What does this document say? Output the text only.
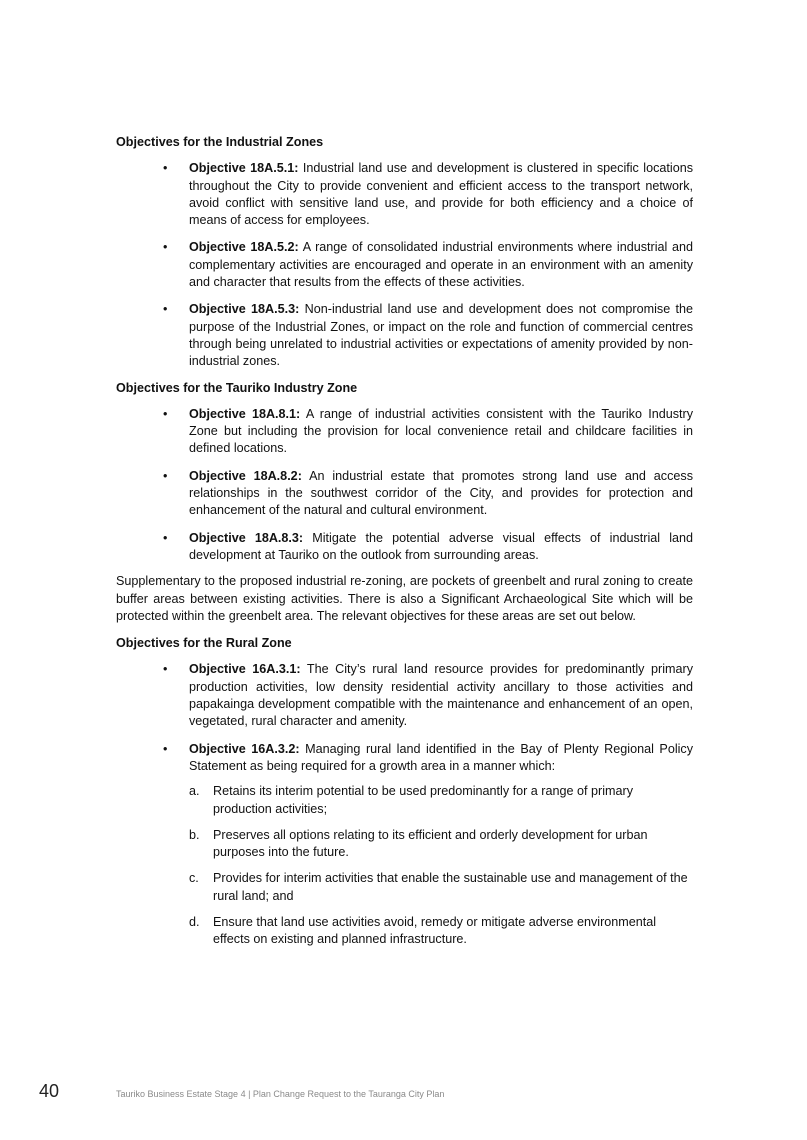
Objectives for the Industrial Zones
• Objective 18A.5.1: Industrial land use and development is clustered in specific locations throughout the City to provide convenient and efficient access to the transport network, avoid conflict with sensitive land use, and provide for both efficiency and a choice of means of access for employees.
• Objective 18A.5.2: A range of consolidated industrial environments where industrial and complementary activities are encouraged and operate in an environment with an amenity and character that results from the effects of these activities.
• Objective 18A.5.3: Non-industrial land use and development does not compromise the purpose of the Industrial Zones, or impact on the role and function of commercial centres through being unrelated to industrial activities or expectations of amenity provided by non-industrial zones.
Objectives for the Tauriko Industry Zone
• Objective 18A.8.1: A range of industrial activities consistent with the Tauriko Industry Zone but including the provision for local convenience retail and childcare facilities in defined locations.
• Objective 18A.8.2: An industrial estate that promotes strong land use and access relationships in the southwest corridor of the City, and provides for protection and enhancement of the natural and cultural environment.
• Objective 18A.8.3: Mitigate the potential adverse visual effects of industrial land development at Tauriko on the outlook from surrounding areas.

Supplementary to the proposed industrial re-zoning, are pockets of greenbelt and rural zoning to create buffer areas between existing activities. There is also a Significant Archaeological Site which will be protected within the greenbelt area. The relevant objectives for these areas are set out below.

Objectives for the Rural Zone
• Objective 16A.3.1: The City’s rural land resource provides for predominantly primary production activities, low density residential activity ancillary to those activities and papakainga development compatible with the maintenance and enhancement of an open, vegetated, rural character and amenity.
• Objective 16A.3.2: Managing rural land identified in the Bay of Plenty Regional Policy Statement as being required for a growth area in a manner which:
a. Retains its interim potential to be used predominantly for a range of primary production activities;
b. Preserves all options relating to its efficient and orderly development for urban purposes into the future.
c. Provides for interim activities that enable the sustainable use and management of the rural land; and
d. Ensure that land use activities avoid, remedy or mitigate adverse environmental effects on existing and planned infrastructure.
40	Tauriko Business Estate Stage 4 | Plan Change Request to the Tauranga City Plan
